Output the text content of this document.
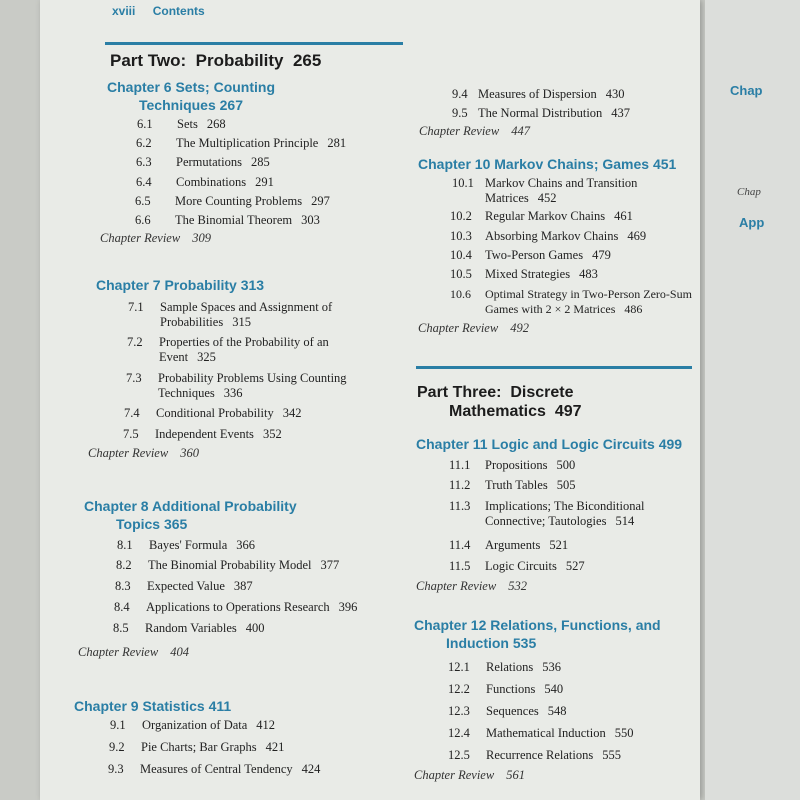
xviii Contents
Part Two: Probability 265
Chapter 6 Sets; Counting
Techniques 267
6.1 Sets 268
6.2 The Multiplication Principle 281
6.3 Permutations 285
6.4 Combinations 291
6.5 More Counting Problems 297
6.6 The Binomial Theorem 303
Chapter Review 309
Chapter 7 Probability 313
7.1 Sample Spaces and Assignment of
Probabilities 315
7.2 Properties of the Probability of an
Event 325
7.3 Probability Problems Using Counting
Techniques 336
7.4 Conditional Probability 342
7.5 Independent Events 352
Chapter Review 360
Chapter 8 Additional Probability
Topics 365
8.1 Bayes' Formula 366
8.2 The Binomial Probability Model 377
8.3 Expected Value 387
8.4 Applications to Operations Research 396
8.5 Random Variables 400
Chapter Review 404
Chapter 9 Statistics 411
9.1 Organization of Data 412
9.2 Pie Charts; Bar Graphs 421
9.3 Measures of Central Tendency 424
9.4 Measures of Dispersion 430
9.5 The Normal Distribution 437
Chapter Review 447
Chapter 10 Markov Chains; Games 451
10.1 Markov Chains and Transition
Matrices 452
10.2 Regular Markov Chains 461
10.3 Absorbing Markov Chains 469
10.4 Two-Person Games 479
10.5 Mixed Strategies 483
10.6 Optimal Strategy in Two-Person Zero-Sum
Games with 2 × 2 Matrices 486
Chapter Review 492
Part Three: Discrete
Mathematics 497
Chapter 11 Logic and Logic Circuits 499
11.1 Propositions 500
11.2 Truth Tables 505
11.3 Implications; The Biconditional
Connective; Tautologies 514
11.4 Arguments 521
11.5 Logic Circuits 527
Chapter Review 532
Chapter 12 Relations, Functions, and
Induction 535
12.1 Relations 536
12.2 Functions 540
12.3 Sequences 548
12.4 Mathematical Induction 550
12.5 Recurrence Relations 555
Chapter Review 561
Chap
Chap
App
